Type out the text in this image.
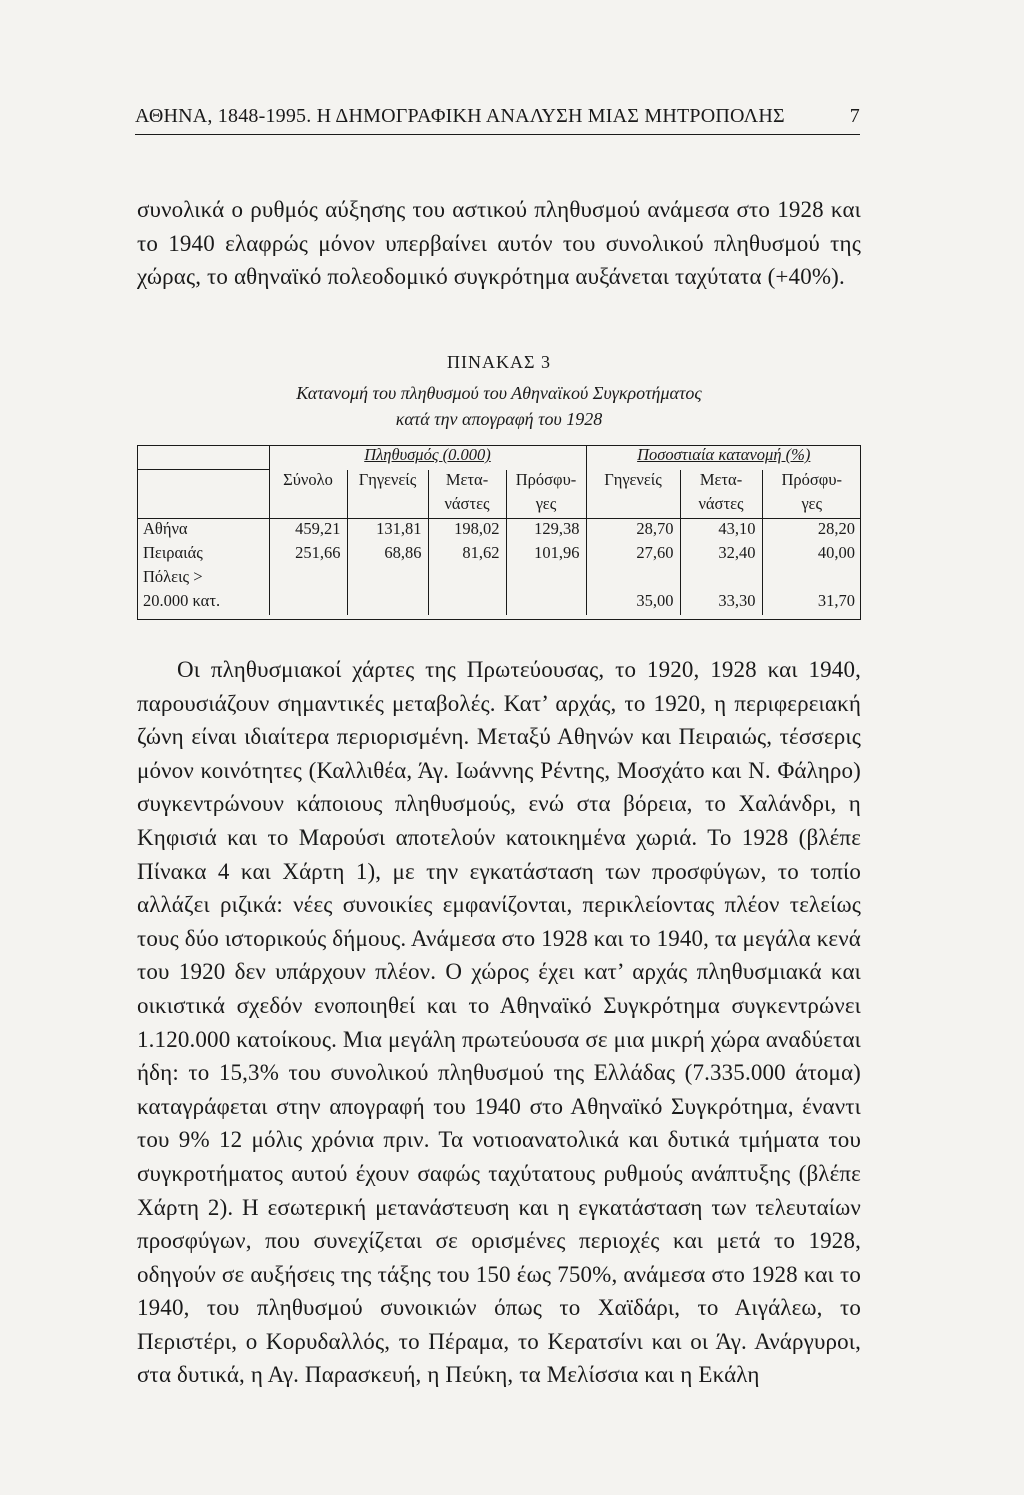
ΑΘΗΝΑ, 1848-1995. Η ΔΗΜΟΓΡΑΦΙΚΗ ΑΝΑΛΥΣΗ ΜΙΑΣ ΜΗΤΡΟΠΟΛΗΣ	7
συνολικά ο ρυθμός αύξησης του αστικού πληθυσμού ανάμεσα στο 1928 και το 1940 ελαφρώς μόνον υπερβαίνει αυτόν του συνολικού πληθυσμού της χώρας, το αθηναϊκό πολεοδομικό συγκρότημα αυξάνεται ταχύτατα (+40%).
ΠΙΝΑΚΑΣ 3
Κατανομή του πληθυσμού του Αθηναϊκού Συγκροτήματος
κατά την απογραφή του 1928
	Πληθυσμός (0.000)				Ποσοστιαία κατανομή (%)		
	Σύνολο	Γηγενείς	Μετα-	Πρόσφυ-	Γηγενείς	Μετα-	Πρόσφυ-
			νάστες	γες		νάστες	γες
Αθήνα	459,21	131,81	198,02	129,38	28,70	43,10	28,20
Πειραιάς	251,66	68,86	81,62	101,96	27,60	32,40	40,00
Πόλεις >							
20.000 κατ.					35,00	33,30	31,70
Οι πληθυσμιακοί χάρτες της Πρωτεύουσας, το 1920, 1928 και 1940, παρουσιάζουν σημαντικές μεταβολές. Κατ’ αρχάς, το 1920, η περιφερειακή ζώνη είναι ιδιαίτερα περιορισμένη. Μεταξύ Αθηνών και Πειραιώς, τέσσερις μόνον κοινότητες (Καλλιθέα, Άγ. Ιωάννης Ρέντης, Μοσχάτο και Ν. Φάληρο) συγκεντρώνουν κάποιους πληθυσμούς, ενώ στα βόρεια, το Χαλάνδρι, η Κηφισιά και το Μαρούσι αποτελούν κατοικημένα χωριά. Το 1928 (βλέπε Πίνακα 4 και Χάρτη 1), με την εγκατάσταση των προσφύγων, το τοπίο αλλάζει ριζικά: νέες συνοικίες εμφανίζονται, περικλείοντας πλέον τελείως τους δύο ιστορικούς δήμους. Ανάμεσα στο 1928 και το 1940, τα μεγάλα κενά του 1920 δεν υπάρχουν πλέον. Ο χώρος έχει κατ’ αρχάς πληθυσμιακά και οικιστικά σχεδόν ενοποιηθεί και το Αθηναϊκό Συγκρότημα συγκεντρώνει 1.120.000 κατοίκους. Μια μεγάλη πρωτεύουσα σε μια μικρή χώρα αναδύεται ήδη: το 15,3% του συνολικού πληθυσμού της Ελλάδας (7.335.000 άτομα) καταγράφεται στην απογραφή του 1940 στο Αθηναϊκό Συγκρότημα, έναντι του 9% 12 μόλις χρόνια πριν. Τα νοτιοανατολικά και δυτικά τμήματα του συγκροτήματος αυτού έχουν σαφώς ταχύτατους ρυθμούς ανάπτυξης (βλέπε Χάρτη 2). Η εσωτερική μετανάστευση και η εγκατάσταση των τελευταίων προσφύγων, που συνεχίζεται σε ορισμένες περιοχές και μετά το 1928, οδηγούν σε αυξήσεις της τάξης του 150 έως 750%, ανάμεσα στο 1928 και το 1940, του πληθυσμού συνοικιών όπως το Χαϊδάρι, το Αιγάλεω, το Περιστέρι, ο Κορυδαλλός, το Πέραμα, το Κερατσίνι και οι Άγ. Ανάργυροι, στα δυτικά, η Αγ. Παρασκευή, η Πεύκη, τα Μελίσσια και η Εκάλη
